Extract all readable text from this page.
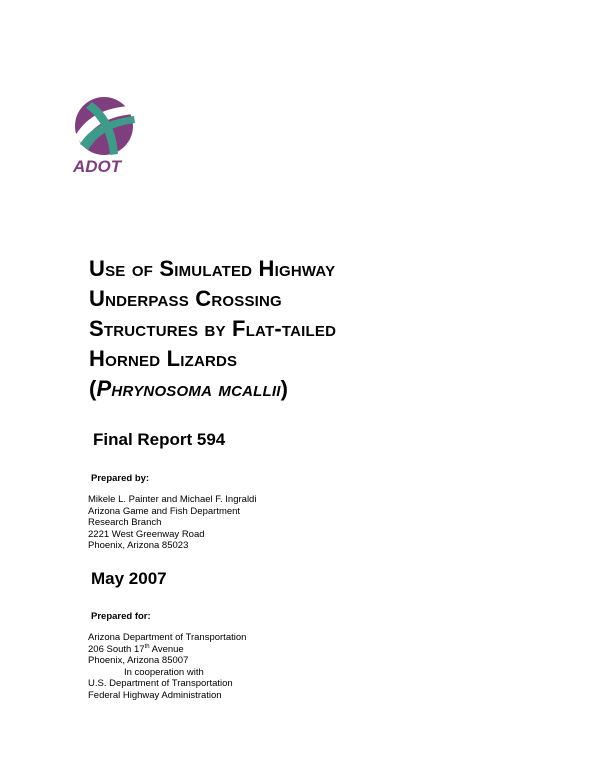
ADOT
Use of Simulated Highway
Underpass Crossing
Structures by Flat-tailed
Horned Lizards
(Phrynosoma mcallii)
Final Report 594
Prepared by:
Mikele L. Painter and Michael F. Ingraldi
Arizona Game and Fish Department
Research Branch
2221 West Greenway Road
Phoenix, Arizona 85023
May 2007
Prepared for:
Arizona Department of Transportation
206 South 17th Avenue
Phoenix, Arizona 85007
In cooperation with
U.S. Department of Transportation
Federal Highway Administration
